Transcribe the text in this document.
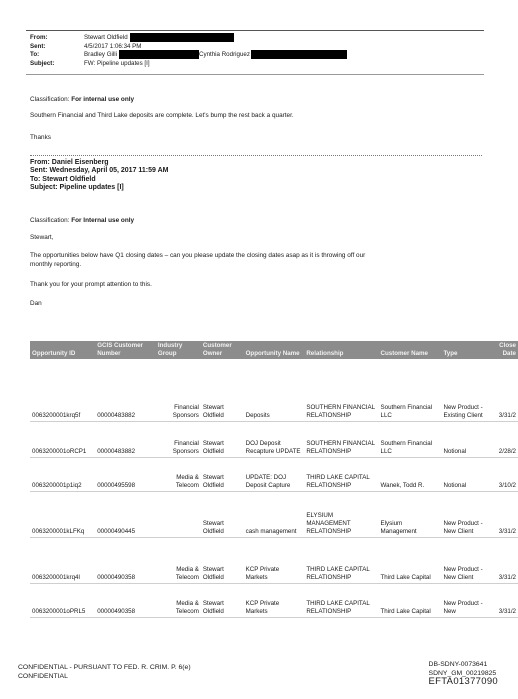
From:	Stewart Oldfield
Sent:	4/5/2017 1:06:34 PM
To:	Bradley Gilli	Cynthia Rodriguez
Subject:	FW: Pipeline updates [I]
Classification: For internal use only
Southern Financial and Third Lake deposits are complete. Let's bump the rest back a quarter.
Thanks
From: Daniel Eisenberg
Sent: Wednesday, April 05, 2017 11:59 AM
To: Stewart Oldfield
Subject: Pipeline updates [I]
Classification: For Internal use only
Stewart,
The opportunities below have Q1 closing dates – can you please update the closing dates asap as it is throwing off our
monthly reporting.
Thank you for your prompt attention to this.
Dan
Opportunity ID	GCIS Customer Number	Industry Group	Customer Owner	Opportunity Name	Relationship	Customer Name	Type	Close Date
0063200001krq5f	00000483882	Financial Sponsors	Stewart Oldfield	Deposits	SOUTHERN FINANCIAL RELATIONSHIP	Southern Financial LLC	New Product - Existing Client	3/31/2
0063200001oRCP1	00000483882	Financial Sponsors	Stewart Oldfield	DOJ Deposit Recapture UPDATE	SOUTHERN FINANCIAL RELATIONSHIP	Southern Financial LLC	Notional	2/28/2
0063200001p1iq2	00000495598	Media & Telecom	Stewart Oldfield	UPDATE: DOJ Deposit Capture	THIRD LAKE CAPITAL RELATIONSHIP	Wanek, Todd R.	Notional	3/10/2
0063200001kLFKq	00000490445		Stewart Oldfield	cash management	ELYSIUM MANAGEMENT RELATIONSHIP	Elysium Management	New Product - New Client	3/31/2
0063200001krq4l	00000490358	Media & Telecom	Stewart Oldfield	KCP Private Markets	THIRD LAKE CAPITAL RELATIONSHIP	Third Lake Capital	New Product - New Client	3/31/2
0063200001oPRL5	00000490358	Media & Telecom	Stewart Oldfield	KCP Private Markets	THIRD LAKE CAPITAL RELATIONSHIP	Third Lake Capital	New Product - New	3/31/2
CONFIDENTIAL - PURSUANT TO FED. R. CRIM. P. 6(e)
CONFIDENTIAL
DB-SDNY-0073641
SDNY_GM_00219825
EFTA01377090
